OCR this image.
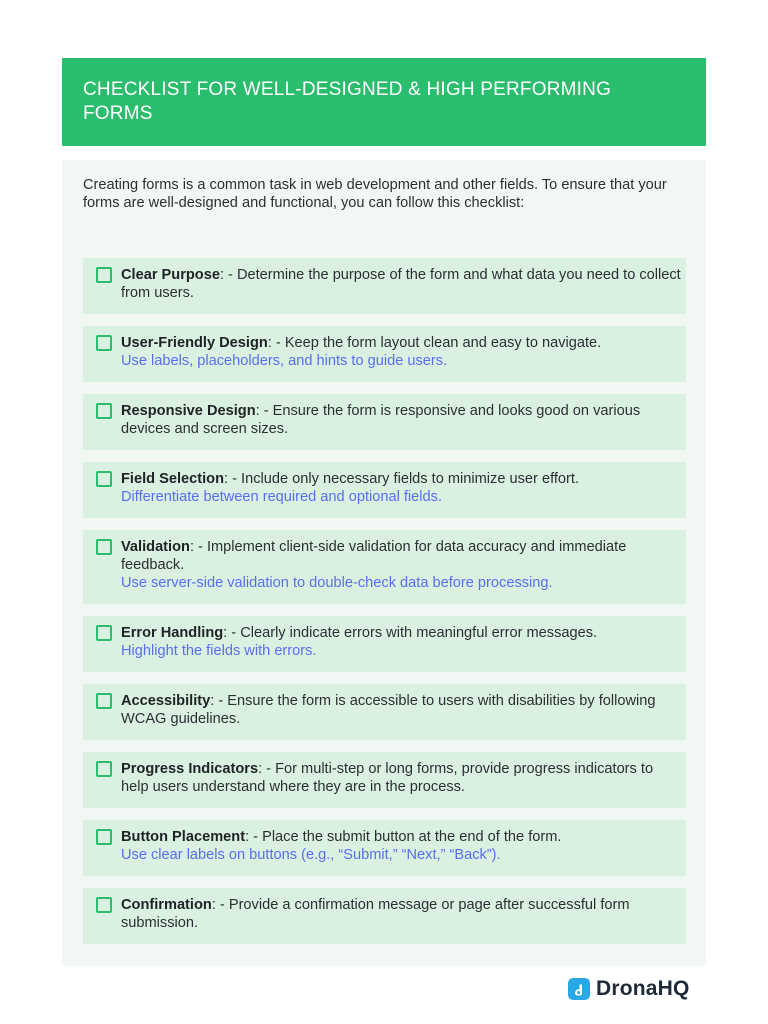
CHECKLIST FOR WELL-DESIGNED & HIGH PERFORMING FORMS

Creating forms is a common task in web development and other fields. To ensure that your forms are well-designed and functional, you can follow this checklist:

Clear Purpose: - Determine the purpose of the form and what data you need to collect from users.
User-Friendly Design: - Keep the form layout clean and easy to navigate.
Use labels, placeholders, and hints to guide users.
Responsive Design: - Ensure the form is responsive and looks good on various devices and screen sizes.
Field Selection: - Include only necessary fields to minimize user effort.
Differentiate between required and optional fields.
Validation: - Implement client-side validation for data accuracy and immediate feedback.
Use server-side validation to double-check data before processing.
Error Handling: - Clearly indicate errors with meaningful error messages.
Highlight the fields with errors.
Accessibility: - Ensure the form is accessible to users with disabilities by following WCAG guidelines.
Progress Indicators: - For multi-step or long forms, provide progress indicators to help users understand where they are in the process.
Button Placement: - Place the submit button at the end of the form.
Use clear labels on buttons (e.g., “Submit,” “Next,” “Back”).
Confirmation: - Provide a confirmation message or page after successful form submission.
DronaHQ
